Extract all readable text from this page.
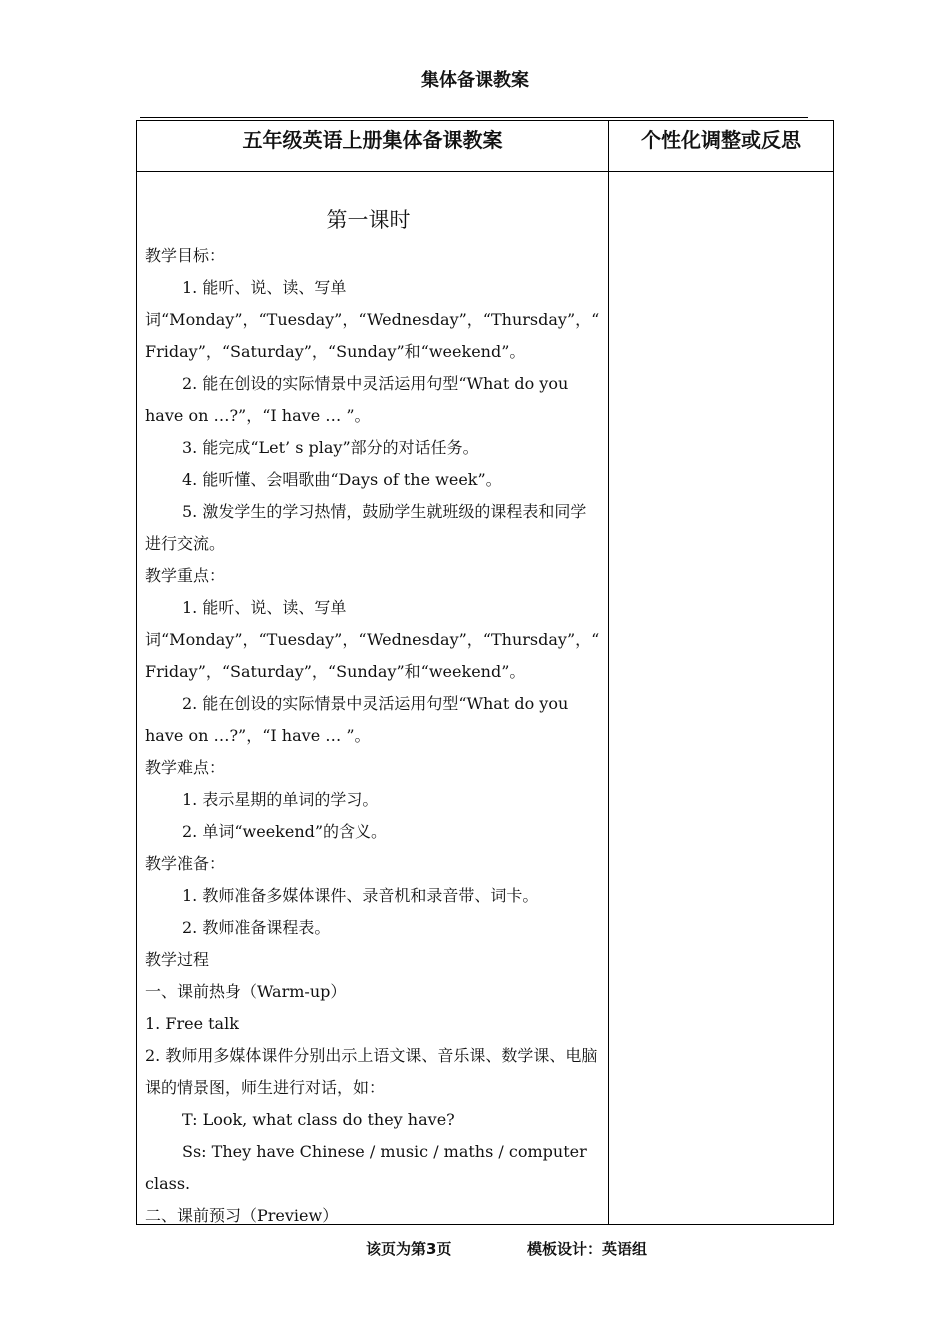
集体备课教案
五年级英语上册集体备课教案	个性化调整或反思
第一课时

教学目标：

1. 能听、说、读、写单词“Monday”，“Tuesday”，“Wednesday”，“Thursday”，“Friday”，“Saturday”，“Sunday”和“weekend”。

2. 能在创设的实际情景中灵活运用句型“What do you have on …?”，“I have … ”。

3. 能完成“Let’ s play”部分的对话任务。

4. 能听懂、会唱歌曲“Days of the week”。

5. 激发学生的学习热情，鼓励学生就班级的课程表和同学进行交流。

教学重点：

1. 能听、说、读、写单词“Monday”，“Tuesday”，“Wednesday”，“Thursday”，“Friday”，“Saturday”，“Sunday”和“weekend”。

2. 能在创设的实际情景中灵活运用句型“What do you have on …?”，“I have … ”。

教学难点：

1. 表示星期的单词的学习。

2. 单词“weekend”的含义。

教学准备：

1. 教师准备多媒体课件、录音机和录音带、词卡。

2. 教师准备课程表。

教学过程

一、课前热身（Warm-up）

1. Free talk

2. 教师用多媒体课件分别出示上语文课、音乐课、数学课、电脑课的情景图，师生进行对话，如：

T: Look, what class do they have?

Ss: They have Chinese / music / maths / computer class.

二、课前预习（Preview）

该页为第3页	模板设计：英语组
